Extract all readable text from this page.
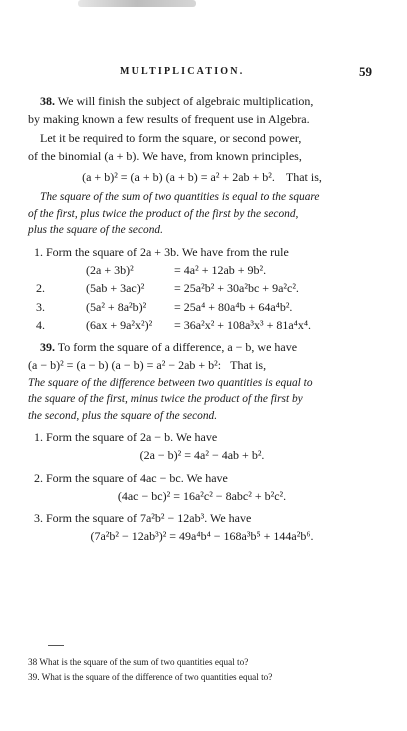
MULTIPLICATION.	59

38. We will finish the subject of algebraic multiplication,

by making known a few results of frequent use in Algebra.

Let it be required to form the square, or second power,

of the binomial (a + b). We have, from known principles,

(a + b)² = (a + b) (a + b) = a² + 2ab + b². That is,

The square of the sum of two quantities is equal to the square

of the first, plus twice the product of the first by the second,

plus the square of the second.

1. Form the square of 2a + 3b. We have from the rule

(2a + 3b)²	= 4a² + 12ab + 9b².
2.	(5ab + 3ac)²	= 25a²b² + 30a²bc + 9a²c².
3.	(5a² + 8a²b)²	= 25a⁴ + 80a⁴b + 64a⁴b².
4.	(6ax + 9a²x²)²	= 36a²x² + 108a³x³ + 81a⁴x⁴.

39. To form the square of a difference, a − b, we have

(a − b)² = (a − b) (a − b) = a² − 2ab + b²: That is,

The square of the difference between two quantities is equal to

the square of the first, minus twice the product of the first by

the second, plus the square of the second.

1. Form the square of 2a − b. We have

(2a − b)² = 4a² − 4ab + b².

2. Form the square of 4ac − bc. We have

(4ac − bc)² = 16a²c² − 8abc² + b²c².

3. Form the square of 7a²b² − 12ab³. We have

(7a²b² − 12ab³)² = 49a⁴b⁴ − 168a³b⁵ + 144a²b⁶.

38 What is the square of the sum of two quantities equal to?

39. What is the square of the difference of two quantities equal to?
